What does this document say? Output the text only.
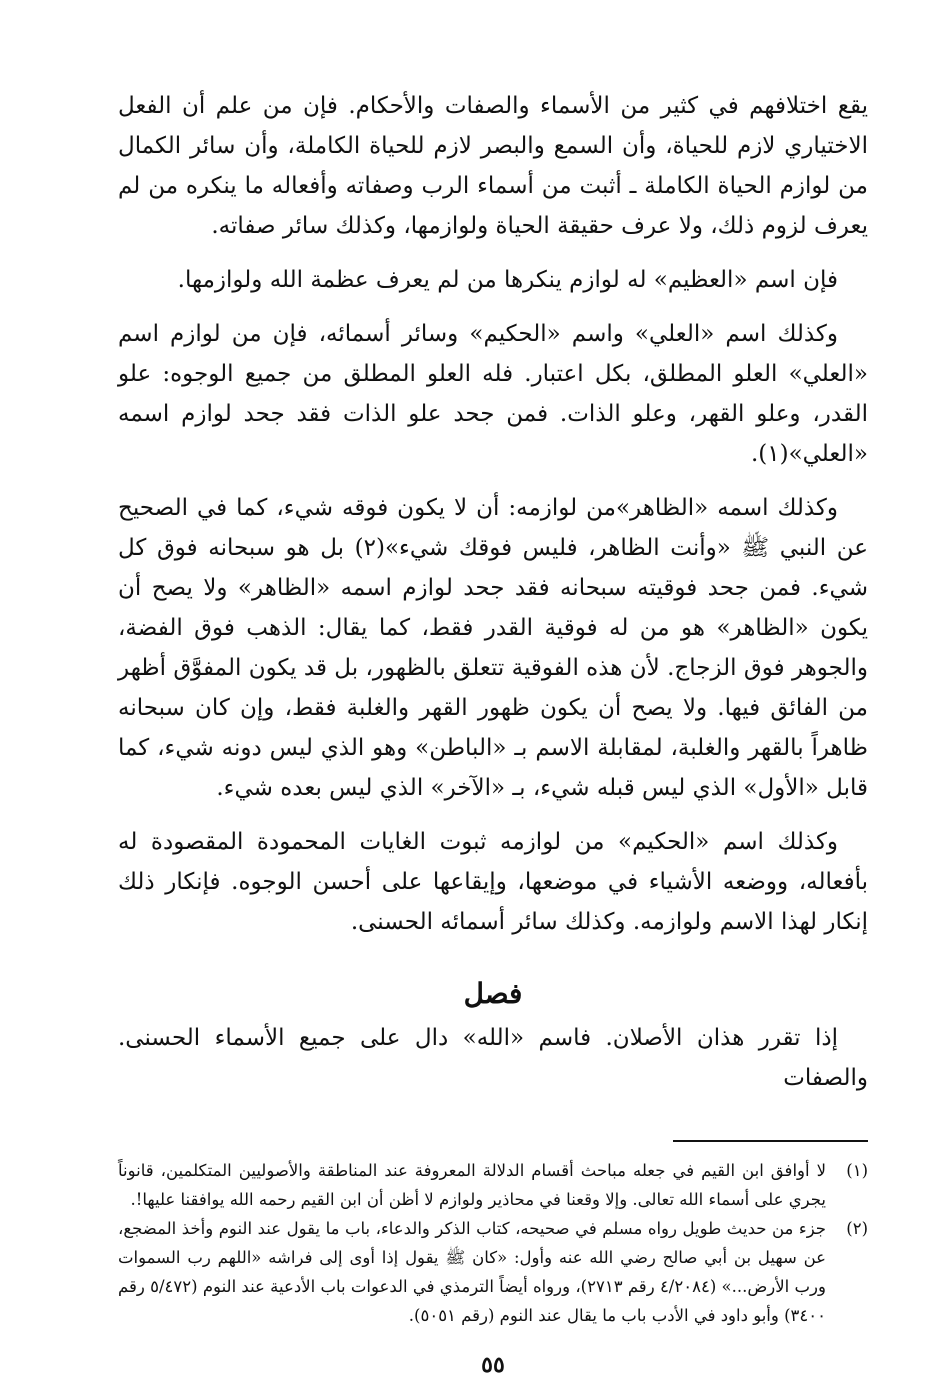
يقع اختلافهم في كثير من الأسماء والصفات والأحكام. فإن من علم أن الفعل الاختياري لازم للحياة، وأن السمع والبصر لازم للحياة الكاملة، وأن سائر الكمال من لوازم الحياة الكاملة ـ أثبت من أسماء الرب وصفاته وأفعاله ما ينكره من لم يعرف لزوم ذلك، ولا عرف حقيقة الحياة ولوازمها، وكذلك سائر صفاته.

فإن اسم «العظيم» له لوازم ينكرها من لم يعرف عظمة الله ولوازمها.

وكذلك اسم «العلي» واسم «الحكيم» وسائر أسمائه، فإن من لوازم اسم «العلي» العلو المطلق، بكل اعتبار. فله العلو المطلق من جميع الوجوه: علو القدر، وعلو القهر، وعلو الذات. فمن جحد علو الذات فقد جحد لوازم اسمه «العلي»(١).

وكذلك اسمه «الظاهر»من لوازمه: أن لا يكون فوقه شيء، كما في الصحيح عن النبي ﷺ «وأنت الظاهر، فليس فوقك شيء»(٢) بل هو سبحانه فوق كل شيء. فمن جحد فوقيته سبحانه فقد جحد لوازم اسمه «الظاهر» ولا يصح أن يكون «الظاهر» هو من له فوقية القدر فقط، كما يقال: الذهب فوق الفضة، والجوهر فوق الزجاج. لأن هذه الفوقية تتعلق بالظهور، بل قد يكون المفوَّق أظهر من الفائق فيها. ولا يصح أن يكون ظهور القهر والغلبة فقط، وإن كان سبحانه ظاهراً بالقهر والغلبة، لمقابلة الاسم بـ «الباطن» وهو الذي ليس دونه شيء، كما قابل «الأول» الذي ليس قبله شيء، بـ «الآخر» الذي ليس بعده شيء.

وكذلك اسم «الحكيم» من لوازمه ثبوت الغايات المحمودة المقصودة له بأفعاله، ووضعه الأشياء في موضعها، وإيقاعها على أحسن الوجوه. فإنكار ذلك إنكار لهذا الاسم ولوازمه. وكذلك سائر أسمائه الحسنى.

فصل

إذا تقرر هذان الأصلان. فاسم «الله» دال على جميع الأسماء الحسنى. والصفات

(١)
لا أوافق ابن القيم في جعله مباحث أقسام الدلالة المعروفة عند المناطقة والأصوليين المتكلمين، قانوناً يجري على أسماء الله تعالى. وإلا وقعنا في محاذير ولوازم لا أظن أن ابن القيم رحمه الله يوافقنا عليها!.
(٢)
جزء من حديث طويل رواه مسلم في صحيحه، كتاب الذكر والدعاء، باب ما يقول عند النوم وأخذ المضجع، عن سهيل بن أبي صالح رضي الله عنه وأول: «كان ﷺ يقول إذا أوى إلى فراشه «اللهم رب السموات ورب الأرض...» (٤/٢٠٨٤ رقم ٢٧١٣)، ورواه أيضاً الترمذي في الدعوات باب الأدعية عند النوم (٥/٤٧٢ رقم ٣٤٠٠) وأبو داود في الأدب باب ما يقال عند النوم (رقم ٥٠٥١).
٥٥
